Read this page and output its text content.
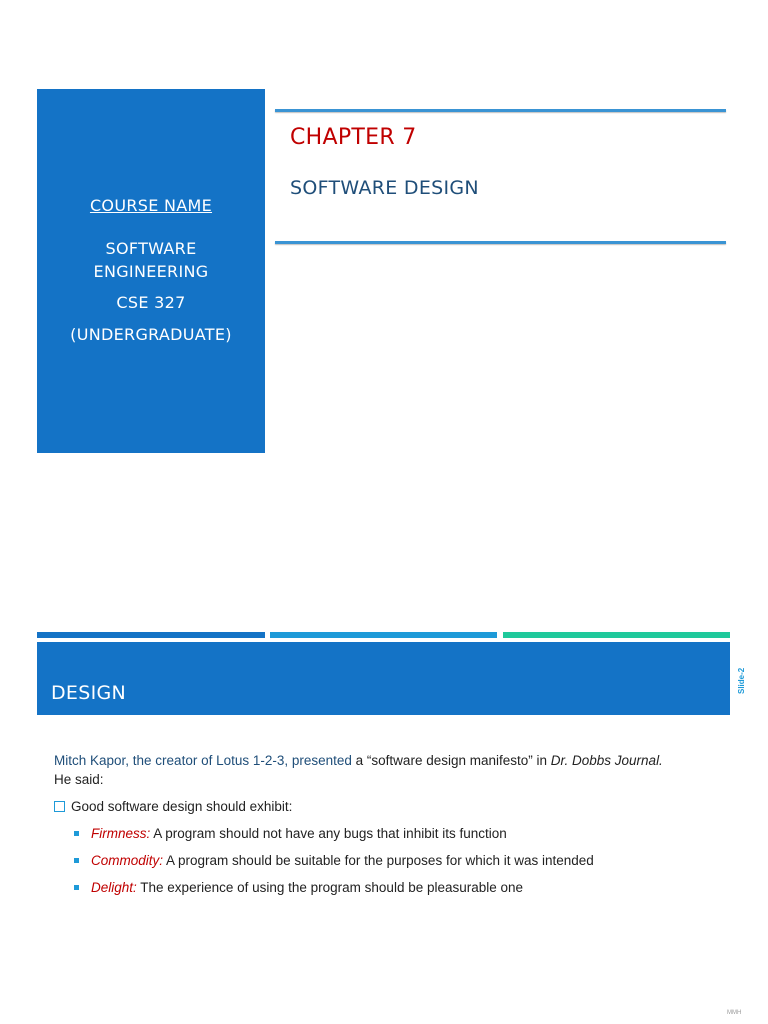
COURSE NAME
SOFTWARE
ENGINEERING
CSE 327
(UNDERGRADUATE)
CHAPTER 7
SOFTWARE DESIGN
DESIGN	Slide-2
Mitch Kapor, the creator of Lotus 1-2-3, presented a “software design manifesto” in Dr. Dobbs Journal.
He said:
Good software design should exhibit:
Firmness: A program should not have any bugs that inhibit its function
Commodity: A program should be suitable for the purposes for which it was intended
Delight: The experience of using the program should be pleasurable one
MMH
